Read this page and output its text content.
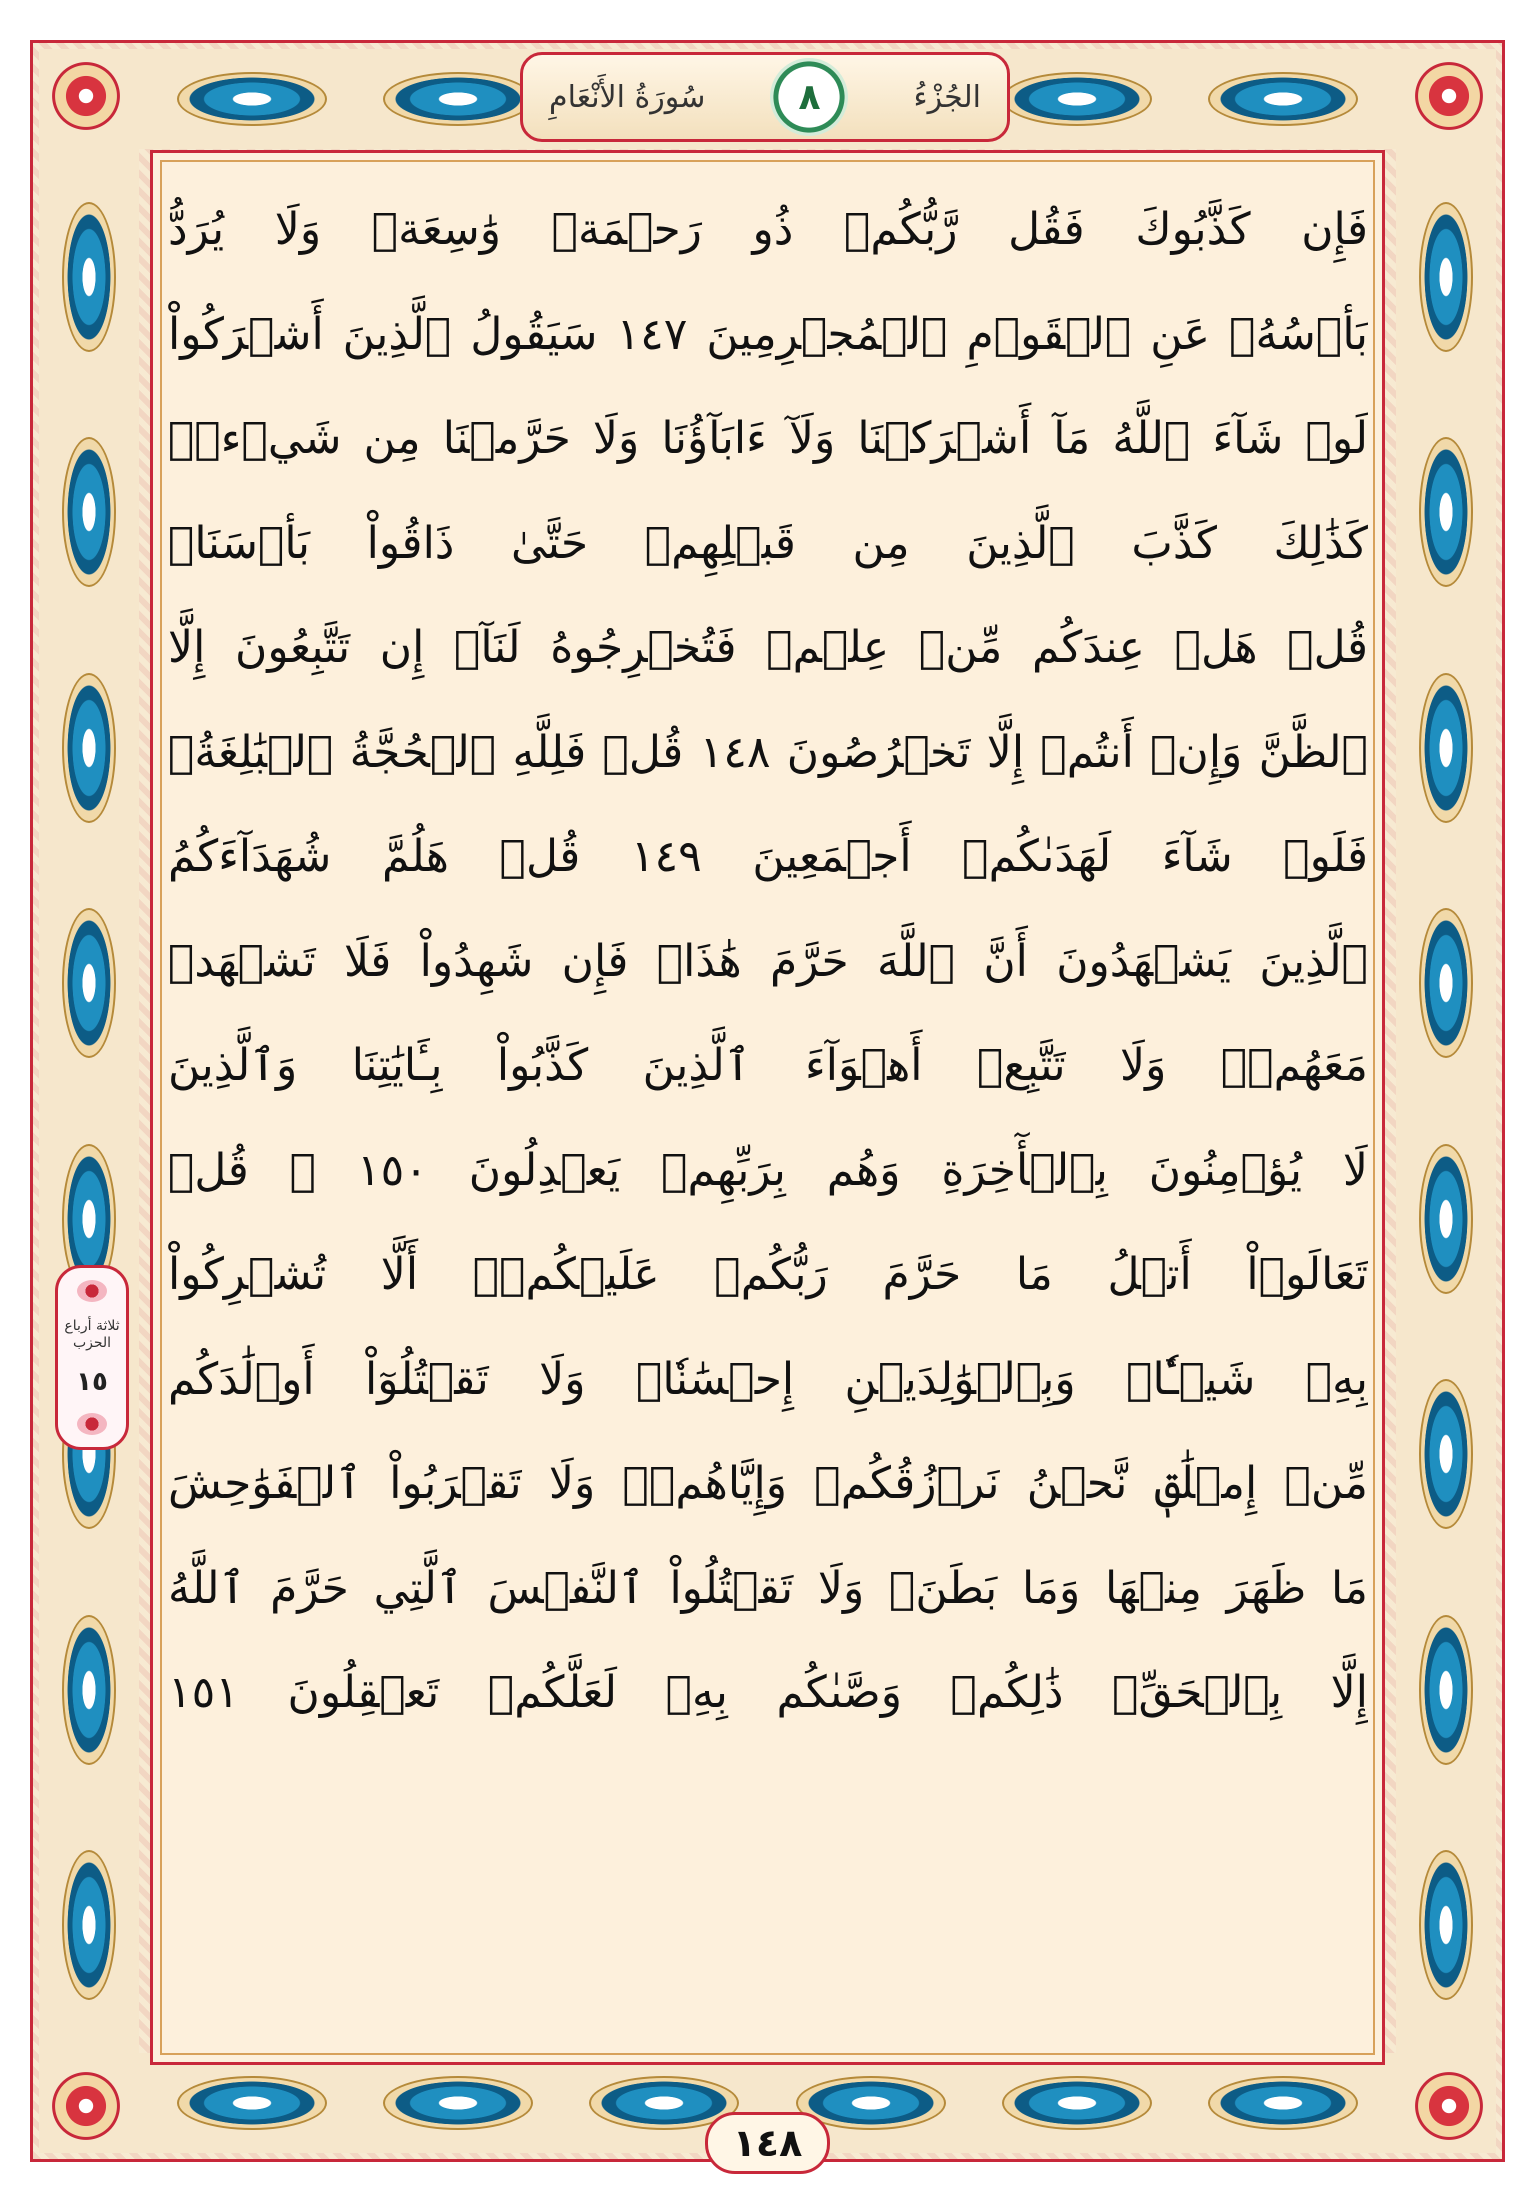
الجُزْءُ
٨
سُورَةُ الأَنْعَامِ
فَإِن كَذَّبُوكَ فَقُل رَّبُّكُمۡ ذُو رَحۡمَةٖ وَٰسِعَةٖ وَلَا يُرَدُّ
بَأۡسُهُۥ عَنِ ٱلۡقَوۡمِ ٱلۡمُجۡرِمِينَ ١٤٧ سَيَقُولُ ٱلَّذِينَ أَشۡرَكُواْ
لَوۡ شَآءَ ٱللَّهُ مَآ أَشۡرَكۡنَا وَلَآ ءَابَآؤُنَا وَلَا حَرَّمۡنَا مِن شَيۡءٖۚ
كَذَٰلِكَ كَذَّبَ ٱلَّذِينَ مِن قَبۡلِهِمۡ حَتَّىٰ ذَاقُواْ بَأۡسَنَاۗ
قُلۡ هَلۡ عِندَكُم مِّنۡ عِلۡمٖ فَتُخۡرِجُوهُ لَنَآۖ إِن تَتَّبِعُونَ إِلَّا
ٱلظَّنَّ وَإِنۡ أَنتُمۡ إِلَّا تَخۡرُصُونَ ١٤٨ قُلۡ فَلِلَّهِ ٱلۡحُجَّةُ ٱلۡبَٰلِغَةُۖ
فَلَوۡ شَآءَ لَهَدَىٰكُمۡ أَجۡمَعِينَ ١٤٩ قُلۡ هَلُمَّ شُهَدَآءَكُمُ
ٱلَّذِينَ يَشۡهَدُونَ أَنَّ ٱللَّهَ حَرَّمَ هَٰذَاۖ فَإِن شَهِدُواْ فَلَا تَشۡهَدۡ
مَعَهُمۡۚ وَلَا تَتَّبِعۡ أَهۡوَآءَ ٱلَّذِينَ كَذَّبُواْ بِـَٔايَٰتِنَا وَٱلَّذِينَ
لَا يُؤۡمِنُونَ بِٱلۡأٓخِرَةِ وَهُم بِرَبِّهِمۡ يَعۡدِلُونَ ١٥٠ ۞ قُلۡ
تَعَالَوۡاْ أَتۡلُ مَا حَرَّمَ رَبُّكُمۡ عَلَيۡكُمۡۖ أَلَّا تُشۡرِكُواْ
بِهِۦ شَيۡـٔٗاۖ وَبِٱلۡوَٰلِدَيۡنِ إِحۡسَٰنٗاۖ وَلَا تَقۡتُلُوٓاْ أَوۡلَٰدَكُم
مِّنۡ إِمۡلَٰقٖ نَّحۡنُ نَرۡزُقُكُمۡ وَإِيَّاهُمۡۖ وَلَا تَقۡرَبُواْ ٱلۡفَوَٰحِشَ
مَا ظَهَرَ مِنۡهَا وَمَا بَطَنَۖ وَلَا تَقۡتُلُواْ ٱلنَّفۡسَ ٱلَّتِي حَرَّمَ ٱللَّهُ
إِلَّا بِٱلۡحَقِّۚ ذَٰلِكُمۡ وَصَّىٰكُم بِهِۦ لَعَلَّكُمۡ تَعۡقِلُونَ ١٥١
ثلاثة أرباع الحزب
١٥
١٤٨
